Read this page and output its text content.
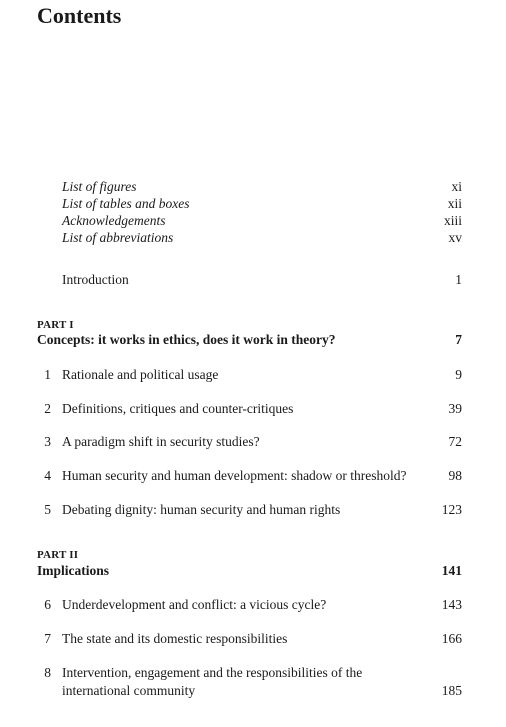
Contents
List of figures	xi
List of tables and boxes	xii
Acknowledgements	xiii
List of abbreviations	xv
Introduction	1
PART I
Concepts: it works in ethics, does it work in theory?	7
1 Rationale and political usage	9
2 Definitions, critiques and counter-critiques	39
3 A paradigm shift in security studies?	72
4 Human security and human development: shadow or threshold?	98
5 Debating dignity: human security and human rights	123
PART II
Implications	141
6 Underdevelopment and conflict: a vicious cycle?	143
7 The state and its domestic responsibilities	166
8 Intervention, engagement and the responsibilities of the international community	185
